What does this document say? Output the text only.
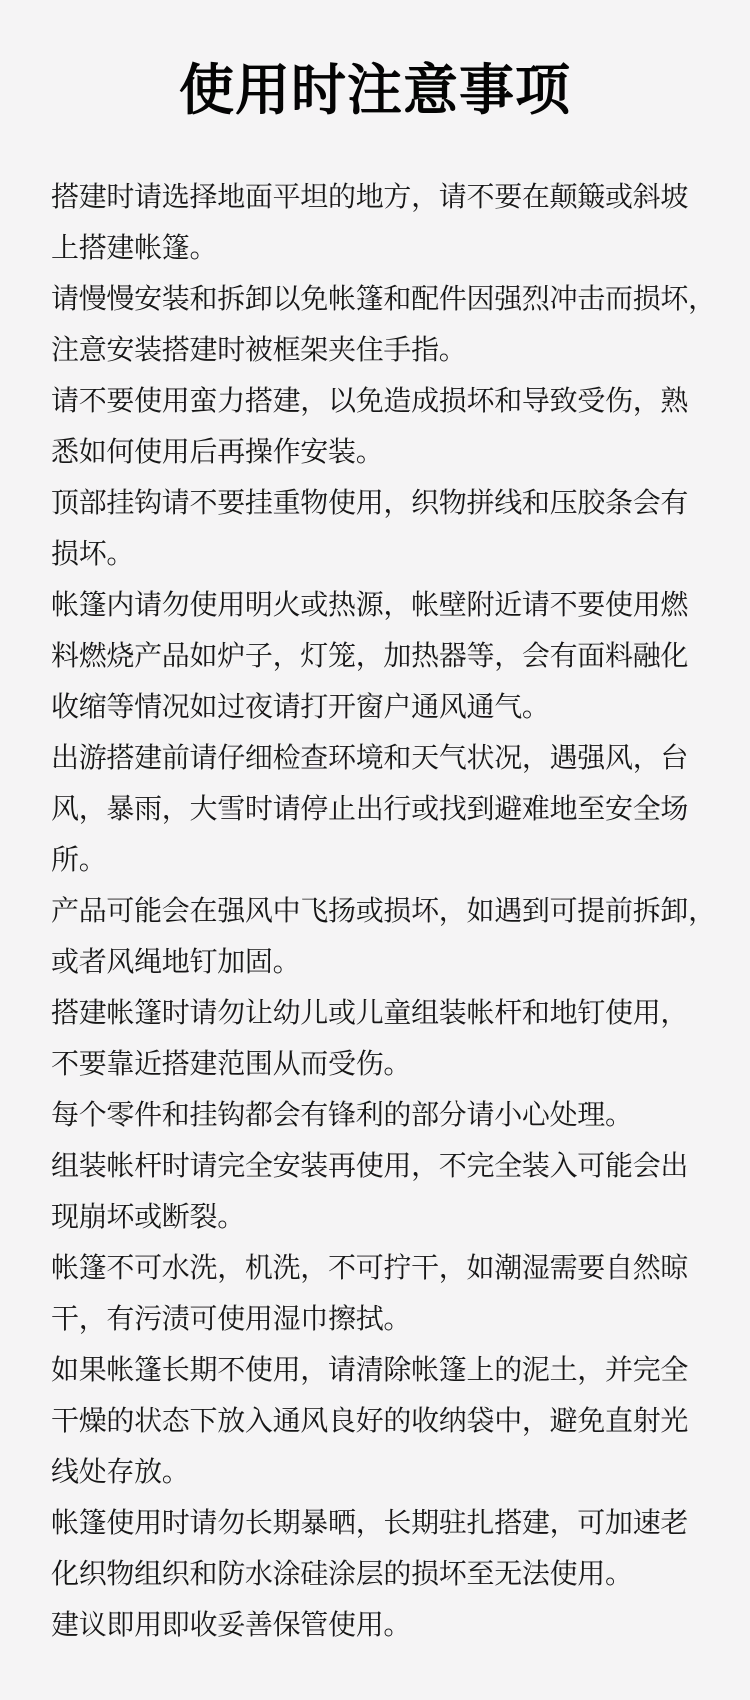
使用时注意事项

搭建时请选择地面平坦的地方，请不要在颠簸或斜坡
上搭建帐篷。

请慢慢安装和拆卸以免帐篷和配件因强烈冲击而损坏，
注意安装搭建时被框架夹住手指。

请不要使用蛮力搭建，以免造成损坏和导致受伤，熟
悉如何使用后再操作安装。

顶部挂钩请不要挂重物使用，织物拼线和压胶条会有
损坏。

帐篷内请勿使用明火或热源，帐壁附近请不要使用燃
料燃烧产品如炉子，灯笼，加热器等，会有面料融化
收缩等情况如过夜请打开窗户通风通气。

出游搭建前请仔细检查环境和天气状况，遇强风，台
风，暴雨，大雪时请停止出行或找到避难地至安全场
所。

产品可能会在强风中飞扬或损坏，如遇到可提前拆卸，
或者风绳地钉加固。

搭建帐篷时请勿让幼儿或儿童组装帐杆和地钉使用，
不要靠近搭建范围从而受伤。

每个零件和挂钩都会有锋利的部分请小心处理。

组装帐杆时请完全安装再使用，不完全装入可能会出
现崩坏或断裂。

帐篷不可水洗，机洗，不可拧干，如潮湿需要自然晾
干，有污渍可使用湿巾擦拭。

如果帐篷长期不使用，请清除帐篷上的泥土，并完全
干燥的状态下放入通风良好的收纳袋中，避免直射光
线处存放。

帐篷使用时请勿长期暴晒，长期驻扎搭建，可加速老
化织物组织和防水涂硅涂层的损坏至无法使用。

建议即用即收妥善保管使用。
